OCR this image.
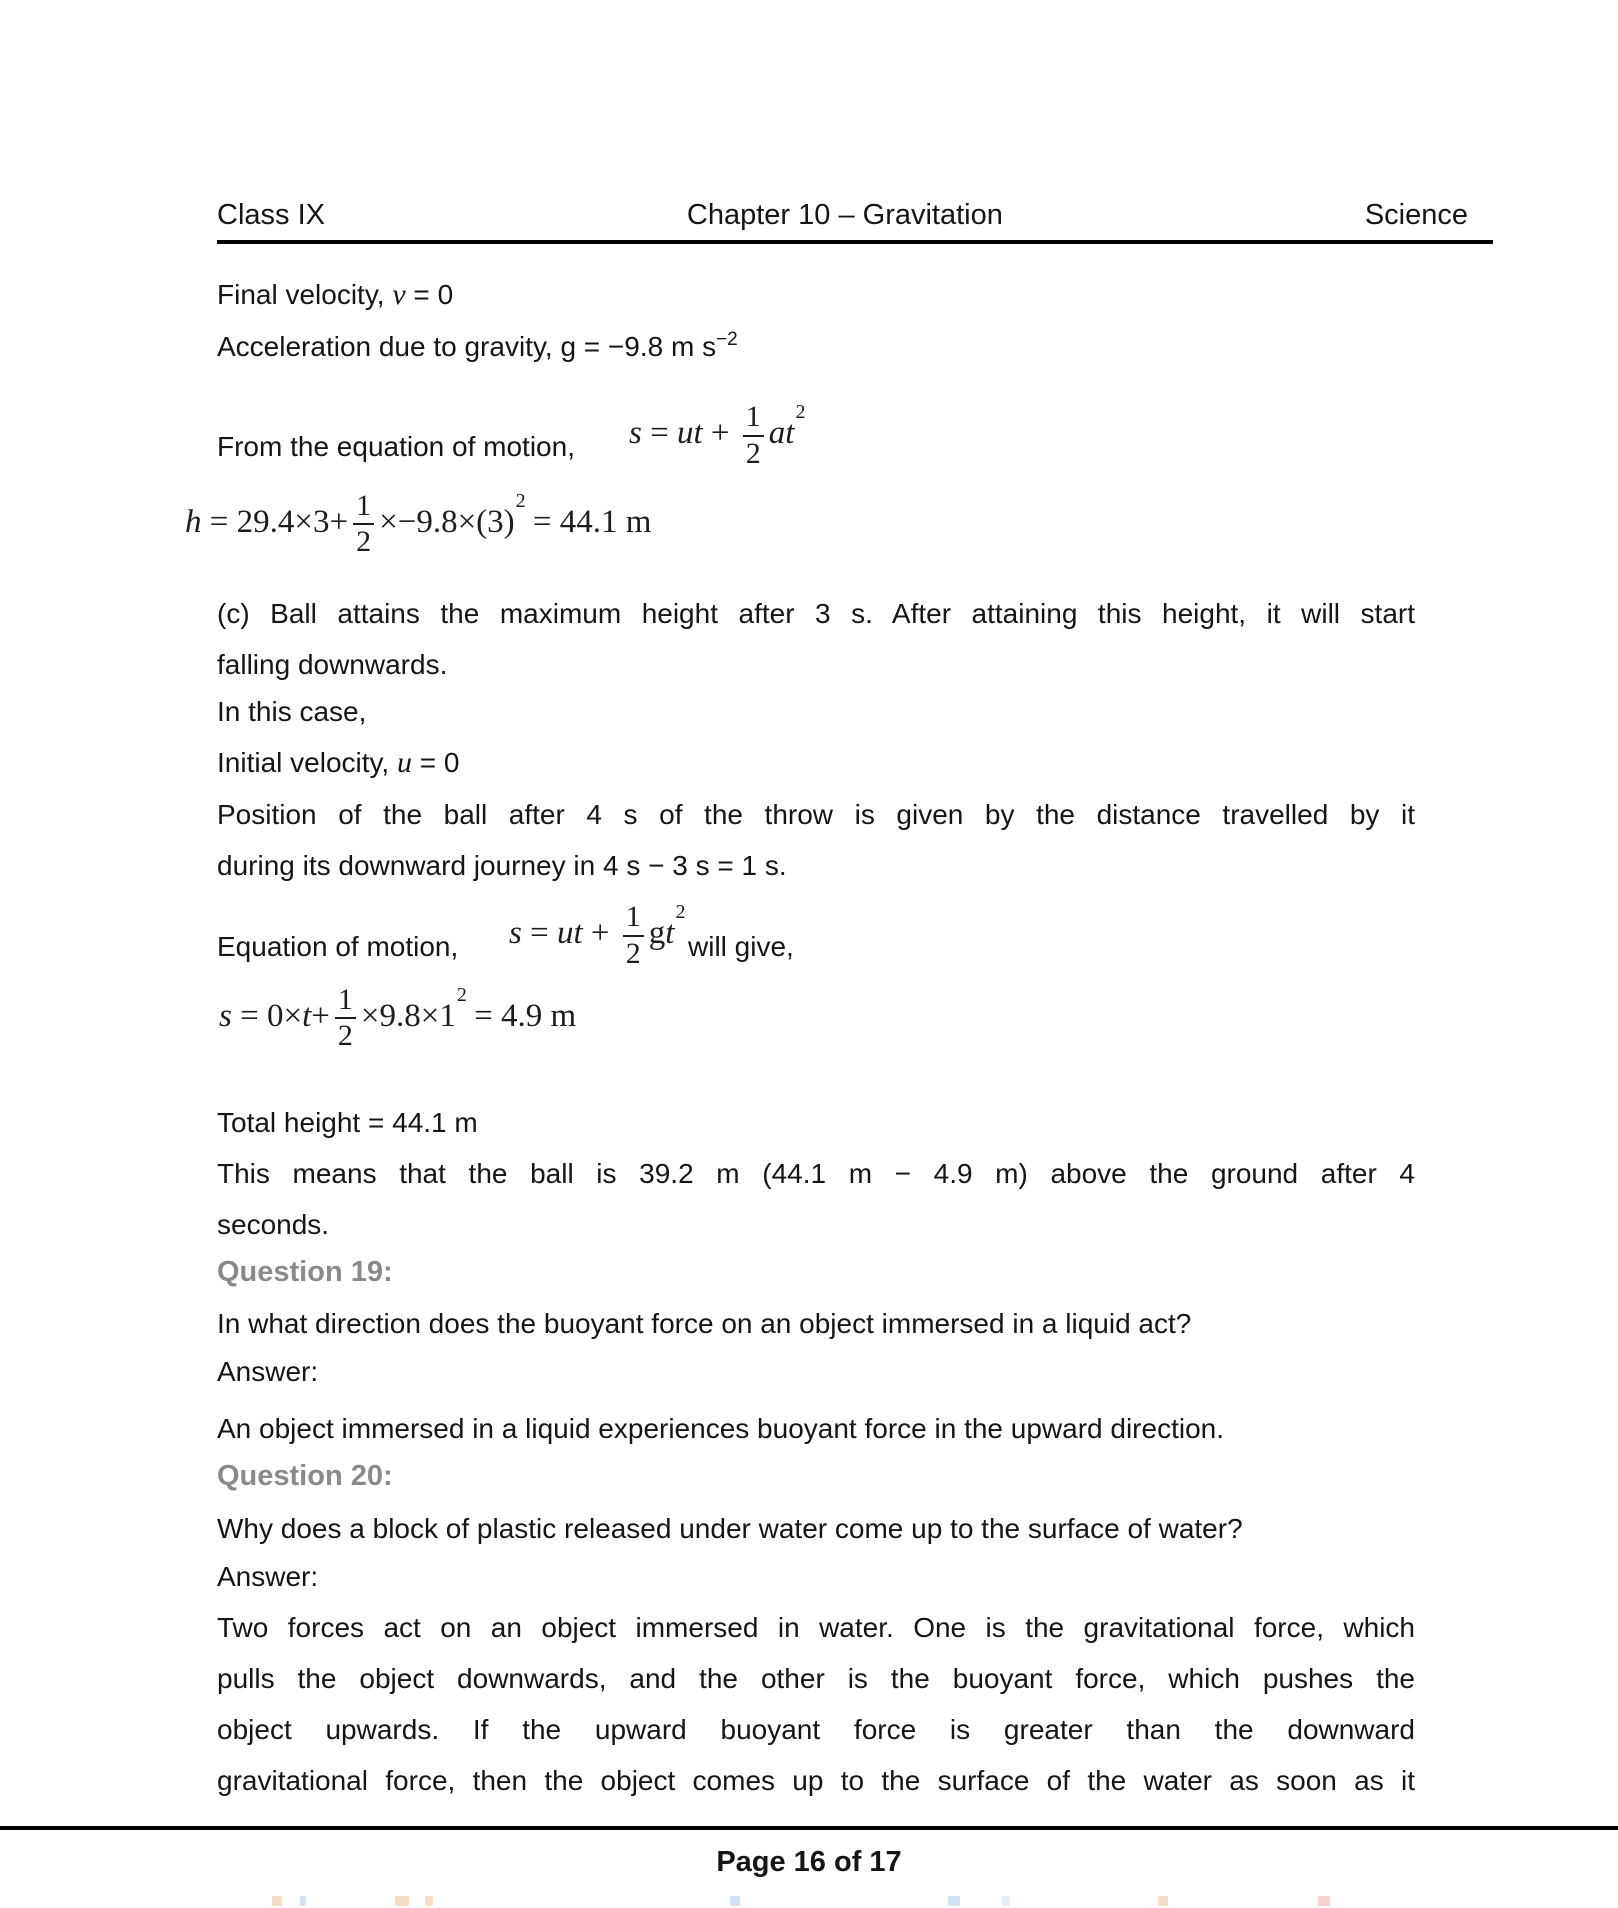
Class IX	Chapter 10 – Gravitation	Science
Final velocity, v = 0
Acceleration due to gravity, g = −9.8 m $s^{-2}$
From the equation of motion, s = ut + $\frac{1}{2} at^2$
$h = 29.4\times 3+ \frac{1}{2} \times-9.8\times(3)^2 = 44.1$ m
(c) Ball attains the maximum height after 3 s. After attaining this height, it will start
falling downwards.
In this case,
Initial velocity, u = 0
Position of the ball after 4 s of the throw is given by the distance travelled by it
during its downward journey in 4 s − 3 s = 1 s.
Equation of motion, s = ut + $\frac{1}{2} gt^2$
will give,
$s = 0\times t+ \frac{1}{2} \times 9.8\times 1^2 = 4.9$ m
Total height = 44.1 m
This means that the ball is 39.2 m (44.1 m − 4.9 m) above the ground after 4
seconds.
Question 19:
In what direction does the buoyant force on an object immersed in a liquid act?
Answer:
An object immersed in a liquid experiences buoyant force in the upward direction.
Question 20:
Why does a block of plastic released under water come up to the surface of water?
Answer:
Two forces act on an object immersed in water. One is the gravitational force, which
pulls the object downwards, and the other is the buoyant force, which pushes the
object upwards. If the upward buoyant force is greater than the downward
gravitational force, then the object comes up to the surface of the water as soon as it
Page 16 of 17
